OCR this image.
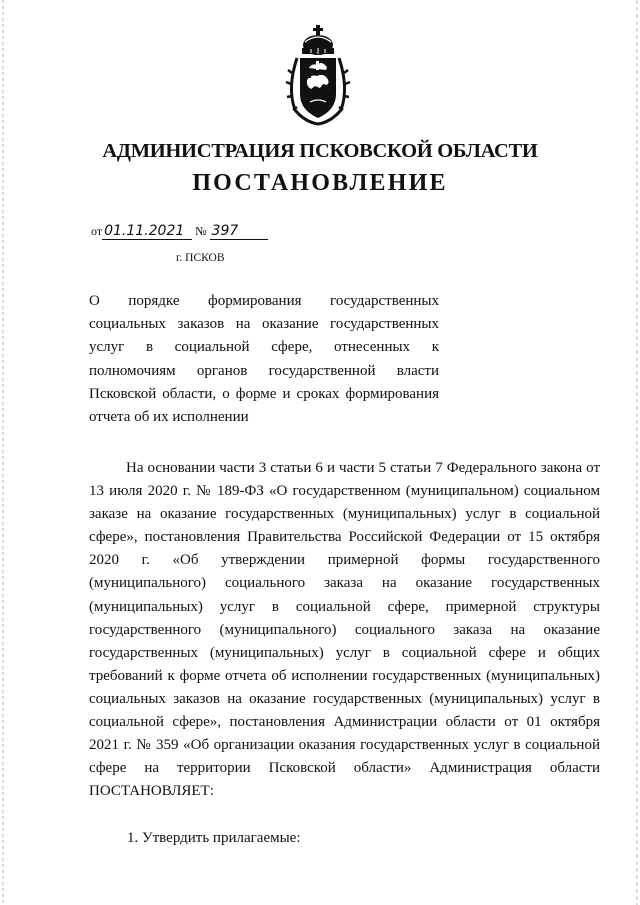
АДМИНИСТРАЦИЯ ПСКОВСКОЙ ОБЛАСТИ
ПОСТАНОВЛЕНИЕ
от 01.11.2021 № 397
г. ПСКОВ
О порядке формирования государственных социальных заказов на оказание государственных услуг в социальной сфере, отнесенных к полномочиям органов государственной власти Псковской области, о форме и сроках формирования отчета об их исполнении

На основании части 3 статьи 6 и части 5 статьи 7 Федерального закона от 13 июля 2020 г. № 189-ФЗ «О государственном (муниципальном) социальном заказе на оказание государственных (муниципальных) услуг в социальной сфере», постановления Правительства Российской Федерации от 15 октября 2020 г. «Об утверждении примерной формы государственного (муниципального) социального заказа на оказание государственных (муниципальных) услуг в социальной сфере, примерной структуры государственного (муниципального) социального заказа на оказание государственных (муниципальных) услуг в социальной сфере и общих требований к форме отчета об исполнении государственных (муниципальных) социальных заказов на оказание государственных (муниципальных) услуг в социальной сфере», постановления Администрации области от 01 октября 2021 г. № 359 «Об организации оказания государственных услуг в социальной сфере на территории Псковской области» Администрация области ПОСТАНОВЛЯЕТ:

1. Утвердить прилагаемые:
